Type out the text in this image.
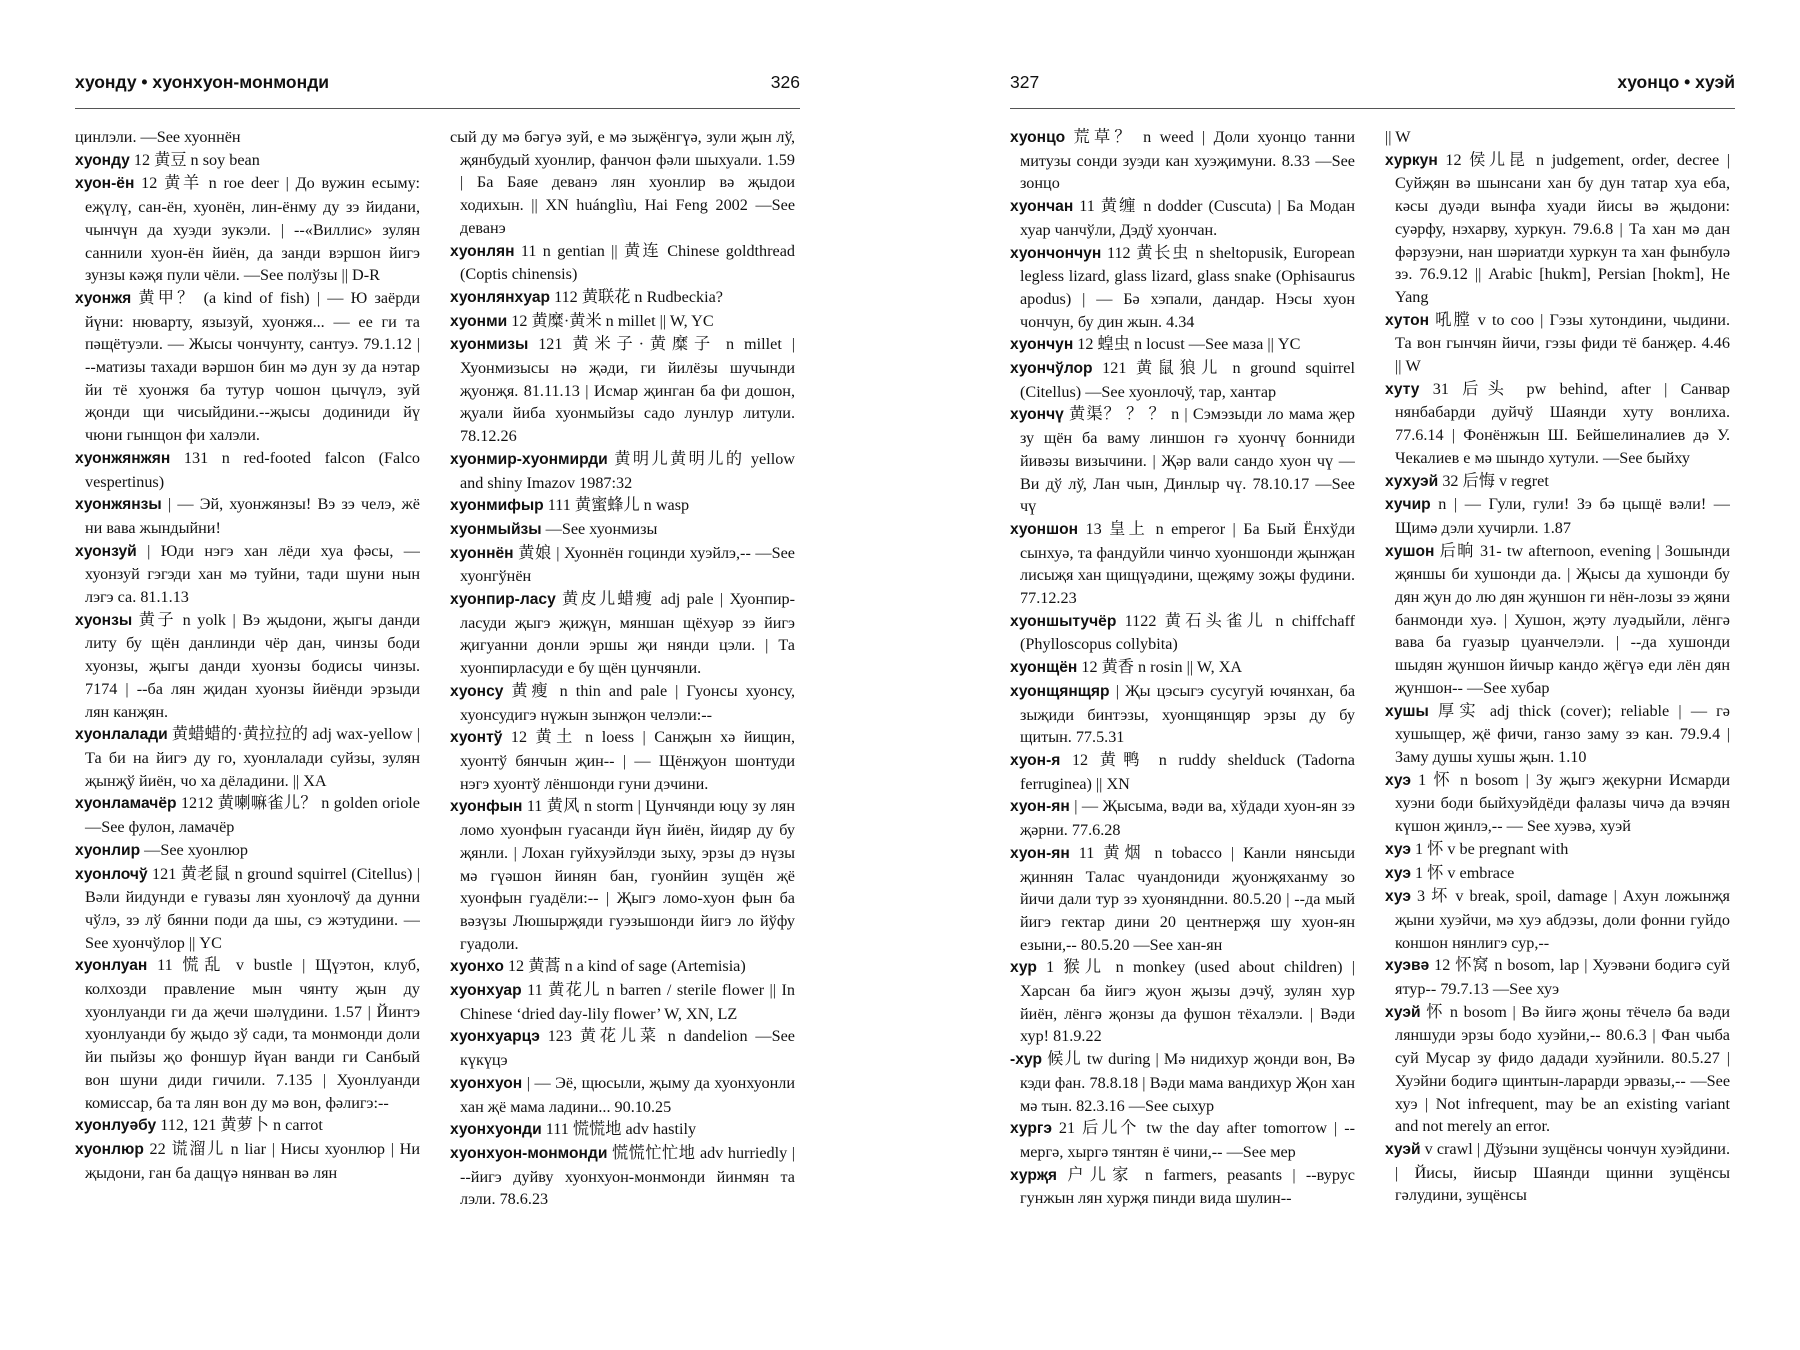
хуонду • хуонхуон-монмонди	326

цинлэли. —See хуоннён

хуонду 12 黄豆 n soy bean

хуон-ён 12 黄羊 n roe deer | До вужин есыму: еҗүлү, сан-ён, хуонён, лин-ёнму ду зэ йидани, чынчүн да хуэди зукэли. | --«Виллис» зулян саннили хуон-ён йиён, да занди вэршон йигэ зунзы кәҗя пули чёли. —See полўзы || D-R

хуонжя 黄甲？ (a kind of fish) | — Ю заёрди йүни: нюварту, язызуй, хуонжя... — ее ги та пәщётуэли. — Жысы чончунту, сантуэ. 79.1.12 | --матизы тахади вәршон бин мә дун зу да нэтар йи тё хуонжя ба тутур чошон цычүлэ, зуй җонди щи чисыйдини.--җысы додиниди йү чюни гынщон фи халэли.

хуонжянжян 131 n red-footed falcon (Falco vespertinus)

хуонжянзы | — Эй, хуонжянзы! Вэ зэ челэ, жё ни вава жындыйни!

хуонзуй | Юди нэгэ хан лёди хуа фәсы, — хуонзуй гэгэди хан мә туйни, тади шуни нын лэгэ са. 81.1.13

хуонзы 黄子 n yolk | Вэ җыдони, җыгы данди литу бу щён данлинди чёр дан, чинзы боди хуонзы, җыгы данди хуонзы бодисы чинзы. 7174 | --ба лян җидан хуонзы йиёнди эрзыди лян канҗян.

хуонлалади 黄蜡蜡的·黄拉拉的 adj wax-yellow | Та би на йигэ ду го, хуонлалади суйзы, зулян җынҗў йиён, чо ха дёладини. || XA

хуонламачёр 1212 黄喇嘛雀儿？ n golden oriole —See фулон, ламачёр

хуонлир —See хуонлюр

хуонлочў 121 黄老鼠 n ground squirrel (Citellus) | Вәли йидунди е гувазы лян хуонлочў да дунни чўлэ, зэ лў бянни поди да шы, сэ жэтудини. —See хуончўлор || YC

хуонлуан 11 慌乱 v bustle | Щүэтон, клуб, колхозди правление мын чянту җын ду хуонлуанди ги да җечи шәлүдини. 1.57 | Йинтэ хуонлуанди бу җыдо зў сади, та монмонди доли йи пыйзы җо фоншур йүан ванди ги Санбый вон шуни диди гичили. 7.135 | Хуонлуанди комиссар, ба та лян вон ду мә вон, фәлигэ:--

хуонлуәбу 112, 121 黄萝卜 n carrot

хуонлюр 22 谎溜儿 n liar | Нисы хуонлюр | Ни җыдони, ган ба дащүә нянван вә лян

сый ду мә бәгуә зуй, е мә зыҗёнгүә, зули җын лў, җянбудый хуонлир, фанчон фәли шыхуали. 1.59 | Ба Баяе деванэ лян хуонлир вә җыдои ходихын. || XN huánglìu, Hai Feng 2002 —See деванэ

хуонлян 11 n gentian || 黄连 Chinese goldthread (Coptis chinensis)

хуонлянхуар 112 黄联花 n Rudbeckia?

хуонми 12 黄糜·黄米 n millet || W, YC

хуонмизы 121 黄米子·黄糜子 n millet | Хуонмизысы нә җәди, ги йилёзы шучынди җуонҗя. 81.11.13 | Исмар җинган ба фи дошон, җуали йиба хуонмыйзы садо лунлур литули. 78.12.26

хуонмир-хуонмирди 黄明儿黄明儿的 yellow and shiny Imazov 1987:32

хуонмифыр 111 黄蜜蜂儿 n wasp

хуонмыйзы —See хуонмизы

хуоннён 黄娘 | Хуоннён гоцинди хуэйлэ,-- —See хуонгўнён

хуонпир-ласу 黄皮儿蜡瘦 adj pale | Хуонпир-ласуди җыгэ җиҗүн, мяншан щёхуәр зэ йигэ җигуанни донли эршы җи нянди цэли. | Та хуонпирласуди е бу щён цунчянли.

хуонсу 黄瘦 n thin and pale | Гуонсы хуонсу, хуонсудигэ нүжын зынҗон челэли:--

хуонтў 12 黄土 n loess | Санҗын хә йищин, хуонтў бянчын җин-- | — Щёнҗуон шонтуди нэгэ хуонтў лёншонди гуни дэчини.

хуонфын 11 黄风 n storm | Цунчянди юцу зу лян ломо хуонфын гуасанди йүн йиён, йидяр ду бу җянли. | Лохан гуйхуэйлэди зыху, эрзы дэ нүзы мә гүәшон йинян бан, гуонйин зущён җё хуонфын гуадёли:-- | Җыгэ ломо-хуон фын ба вәзүзы Люшырҗяди гуэзышонди йигэ ло йўфу гуадоли.

хуонхо 12 黄蒿 n a kind of sage (Artemisia)

хуонхуар 11 黄花儿 n barren / sterile flower || In Chinese ‘dried day-lily flower’ W, XN, LZ

хуонхуарцэ 123 黄花儿菜 n dandelion —See күкүцэ

хуонхуон | — Эё, щюсыли, җыму да хуонхуонли хан җё мама ладини... 90.10.25

хуонхуонди 111 慌慌地 adv hastily

хуонхуон-монмонди 慌慌忙忙地 adv hurriedly | --йигэ дуйву хуонхуон-монмонди йинмян та лэли. 78.6.23

327	хуонцо • хуэй

хуонцо 荒草？ n weed | Доли хуонцо танни митузы сонди зуэди кан хуэҗимуни. 8.33 —See зонцо

хуончан 11 黄缠 n dodder (Cuscuta) | Ба Модан хуар чанчўли, Дэдў хуончан.

хуончончун 112 黄长虫 n sheltopusik, European legless lizard, glass lizard, glass snake (Ophisaurus apodus) | — Бә хэпали, дандар. Нэсы хуон чончун, бу дин жын. 4.34

хуончун 12 蝗虫 n locust —See маза || YC

хуончўлор 121 黄鼠狼儿 n ground squirrel (Citellus) —See хуонлочў, тар, хантар

хуончү 黄渠？ ？ ？ n | Сэмэзыди ло мама җер зу щён ба ваму линшон гә хуончү бонниди йивәзы визычини. | Җәр вали сандо хуон чү — Ви дў лў, Лан чын, Динлыр чү. 78.10.17 —See чү

хуоншон 13 皇上 n emperor | Ба Бый Ёнхўди сынхуә, та фандуйли чинчо хуоншонди җынҗан лисыҗя хан щищүәдини, щеҗяму зоҗы фудини. 77.12.23

хуоншытучёр 1122 黄石头雀儿 n chiffchaff (Phylloscopus collybita)

хуонщён 12 黄香 n rosin || W, XA

хуонщянщяр | Җы цэсыгэ сусугуй ючянхан, ба зыҗиди бинтэзы, хуонщянщяр эрзы ду бу щитын. 77.5.31

хуон-я 12 黄鸭 n ruddy shelduck (Tadorna ferruginea) || XN

хуон-ян | — Җысыма, вәди ва, хўдади хуон-ян зэ җәрни. 77.6.28

хуон-ян 11 黄烟 n tobacco | Канли нянсыди җиннян Талас чуандониди җуонҗяханму зо йичи дали тур зэ хуонянднни. 80.5.20 | --да мый йигэ гектар дини 20 центнерҗя шу хуон-ян езыни,-- 80.5.20 —See хан-ян

хур 1 猴儿 n monkey (used about children) | Харсан ба йигэ җуон җызы дэчў, зулян хур йиён, лёнгә җонзы да фушон тёхалэли. | Вәди хур! 81.9.22

-хур 候儿 tw during | Мә нидихур җонди вон, Вә кэди фан. 78.8.18 | Вәди мама вандихур Җон хан мә тын. 82.3.16 —See сыхур

хургэ 21 后儿个 tw the day after tomorrow | --мергә, хыргә тянтян ё чини,-- —See мер

хурҗя 户儿家 n farmers, peasants | --вурус гунжын лян хурҗя пинди вида шулин--

|| W

хуркун 12 侯儿昆 n judgement, order, decree | Суйҗян вә шынсани хан бу дун татар хуа еба, кәсы дуәди вынфа хуади йисы вә җыдони: суәрфу, нэхарву, хуркун. 79.6.8 | Та хан мә дан фәрзуэни, нан шәриатди хуркун та хан фынбулә зэ. 76.9.12 || Arabic [hukm], Persian [hokm], He Yang

хутон 吼膛 v to coo | Гэзы хутондини, чыдини. Та вон гынчян йичи, гэзы фиди тё банҗер. 4.46 || W

хуту 31 后头 pw behind, after | Санвар нянбабарди дуйчў Шаянди хуту вонлиха. 77.6.14 | Фонёнжын Ш. Бейшелиналиев дә У. Чекалиев е мә шындо хутули. —See быйху

хухуэй 32 后悔 v regret

хучир n | — Гули, гули! Зэ бә цыщё вәли! — Щимә дэли хучирли. 1.87

хушон 后晌 31- tw afternoon, evening | Зошынди җяншы би хушонди да. | Җысы да хушонди бу дян җун до лю дян җуншон ги нён-лозы зэ җяни банмонди хуә. | Хушон, җэту луәдыйли, лёнгә вава ба гуазыр цуанчелэли. | --да хушонди шыдян җуншон йичыр кандо җёгүә еди лён дян җуншон-- —See хубар

хушы 厚实 adj thick (cover); reliable | — гә хушыщер, җё фичи, ганзо заму зэ кан. 79.9.4 | Заму душы хушы җын. 1.10

хуэ 1 怀 n bosom | Зу җыгэ җекурни Исмарди хуэни боди быйхуэйдёди фалазы чичә да вэчян күшон җинлэ,-- — See хуэвә, хуэй

хуэ 1 怀 v be pregnant with

хуэ 1 怀 v embrace

хуэ 3 坏 v break, spoil, damage | Ахун ложынҗя җыни хуэйчи, мә хуэ абдэзы, доли фонни гуйдо коншон нянлигэ сур,--

хуэвә 12 怀窝 n bosom, lap | Хуэвәни бодигә суй ятур-- 79.7.13 —See хуэ

хуэй 怀 n bosom | Вә йигә җоны тёчелә ба вәди ляншуди эрзы бодо хуэйни,-- 80.6.3 | Фан чыба суй Мусар зу фидо дадади хуэйнили. 80.5.27 | Хуэйни бодигә щинтын-ларарди эрвазы,-- —See хуэ | Not infrequent, may be an existing variant and not merely an error.

хуэй v crawl | Дўзыни зущёнсы чончун хуэйдини. | Йисы, йисыр Шаянди щинни зущёнсы гәлудини, зущёнсы
